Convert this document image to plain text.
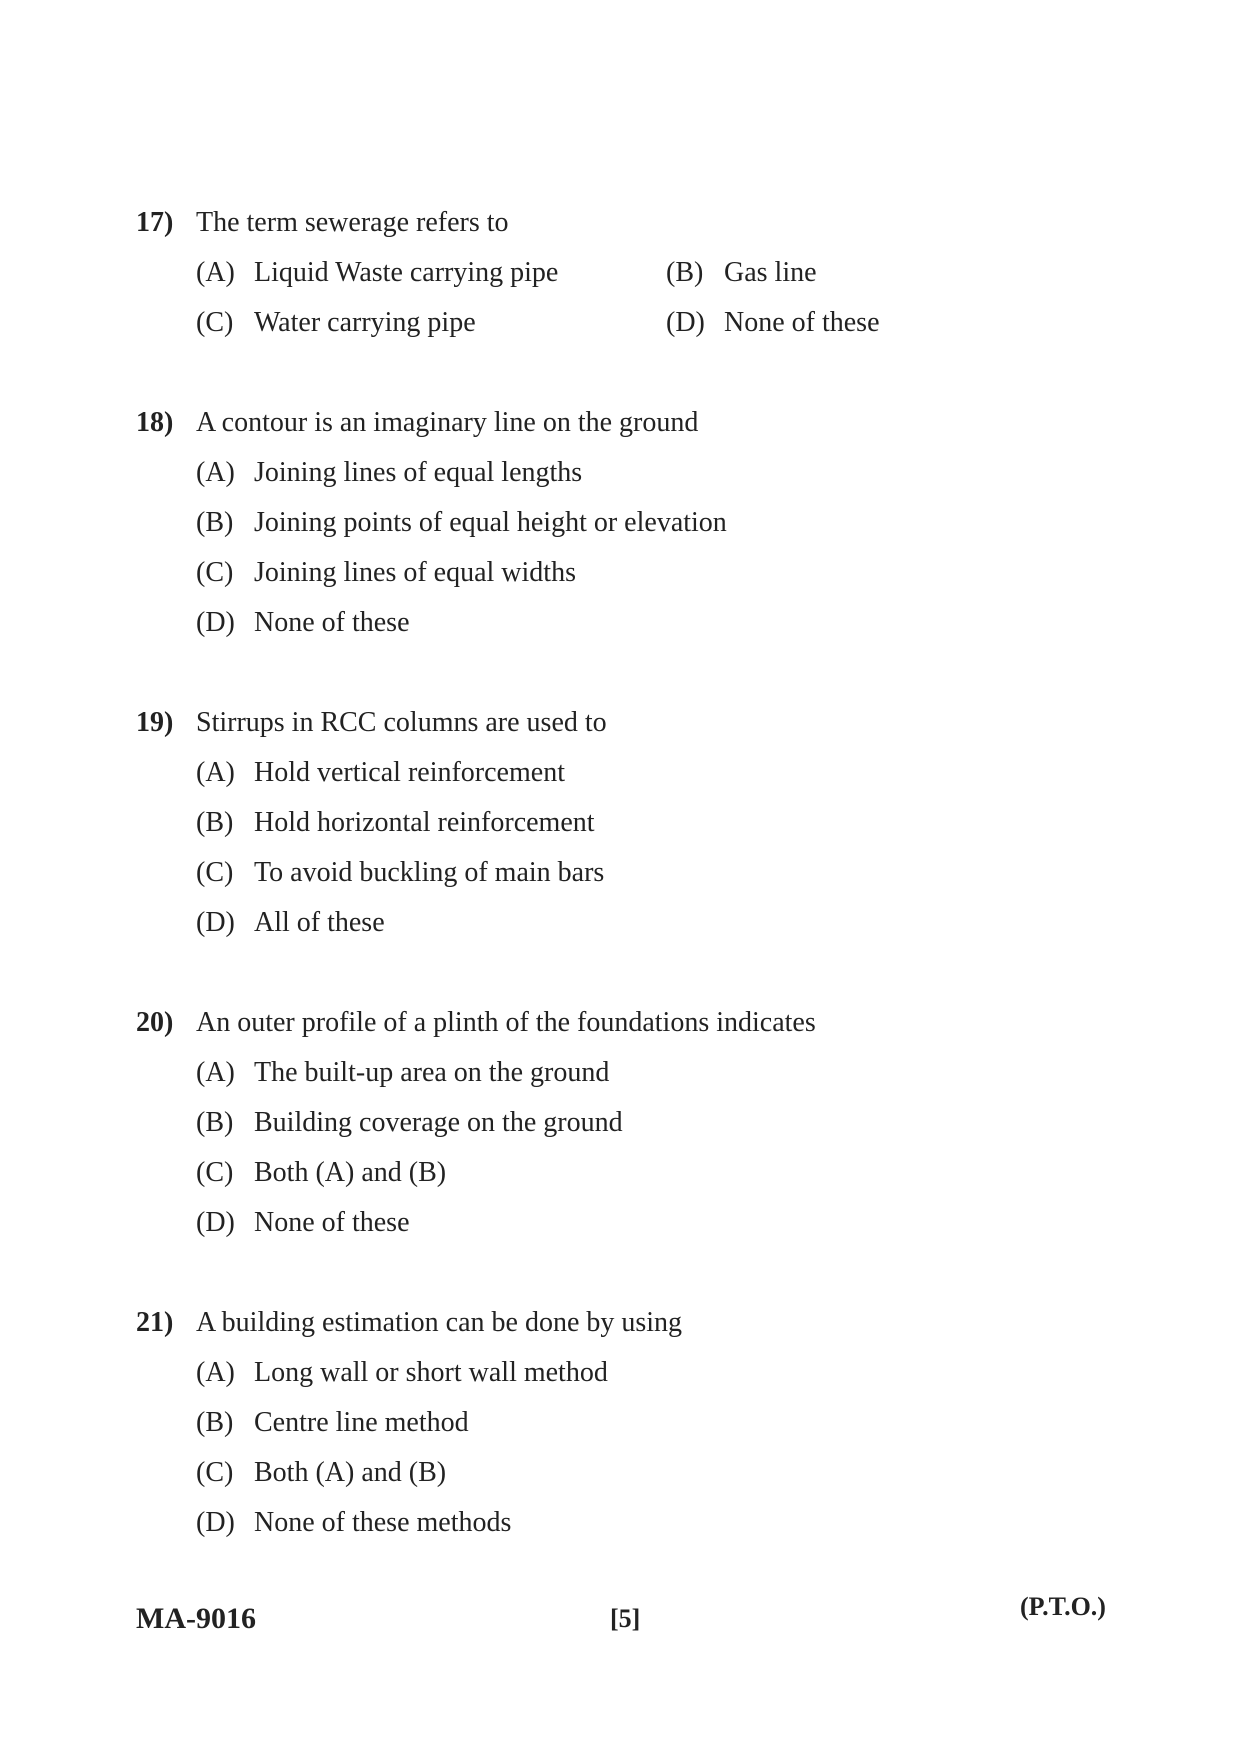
17) The term sewerage refers to
(A) Liquid Waste carrying pipe	(B) Gas line
(C) Water carrying pipe	(D) None of these
18) A contour is an imaginary line on the ground
(A) Joining lines of equal lengths
(B) Joining points of equal height or elevation
(C) Joining lines of equal widths
(D) None of these
19) Stirrups in RCC columns are used to
(A) Hold vertical reinforcement
(B) Hold horizontal reinforcement
(C) To avoid buckling of main bars
(D) All of these
20) An outer profile of a plinth of the foundations indicates
(A) The built-up area on the ground
(B) Building coverage on the ground
(C) Both (A) and (B)
(D) None of these
21) A building estimation can be done by using
(A) Long wall or short wall method
(B) Centre line method
(C) Both (A) and (B)
(D) None of these methods
MA-9016	[5]	(P.T.O.)
